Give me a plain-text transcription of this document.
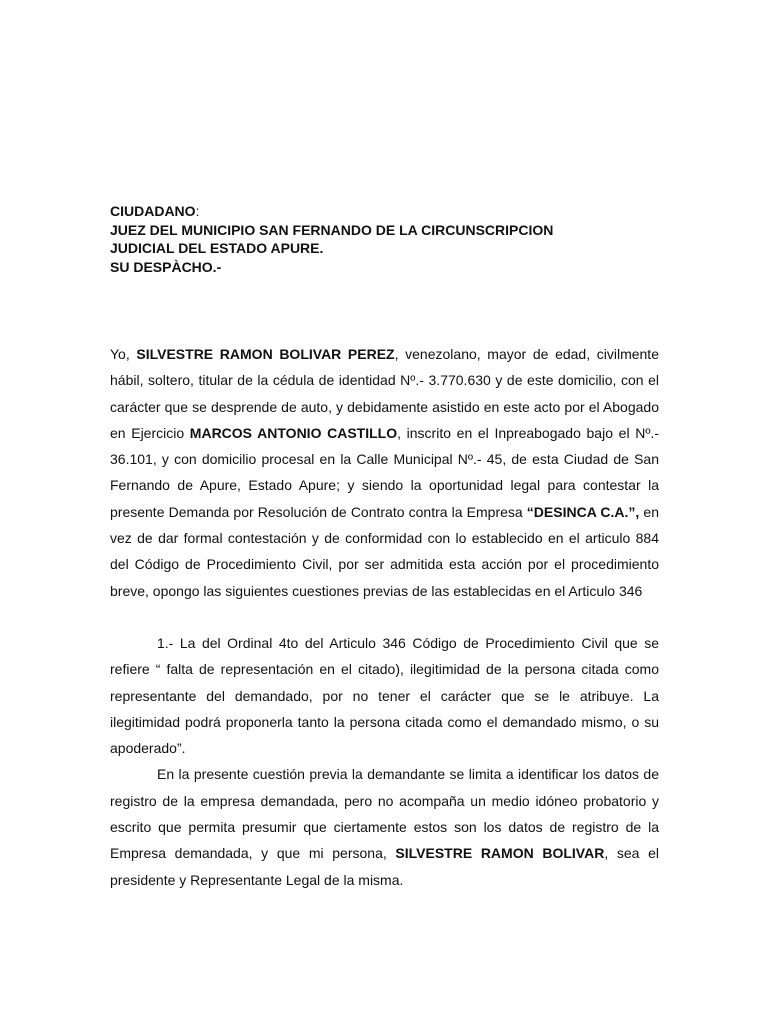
CIUDADANO:
JUEZ DEL MUNICIPIO SAN FERNANDO DE LA CIRCUNSCRIPCION
JUDICIAL DEL ESTADO APURE.
SU DESPÀCHO.-

Yo, SILVESTRE RAMON BOLIVAR PEREZ, venezolano, mayor de edad, civilmente hábil, soltero, titular de la cédula de identidad Nº.- 3.770.630 y de este domicilio, con el carácter que se desprende de auto, y debidamente asistido en este acto por el Abogado en Ejercicio MARCOS ANTONIO CASTILLO, inscrito en el Inpreabogado bajo el Nº.- 36.101, y con domicilio procesal en la Calle Municipal Nº.- 45, de esta Ciudad de San Fernando de Apure, Estado Apure; y siendo la oportunidad legal para contestar la presente Demanda por Resolución de Contrato contra la Empresa “DESINCA C.A.”, en vez de dar formal contestación y de conformidad con lo establecido en el articulo 884 del Código de Procedimiento Civil, por ser admitida esta acción por el procedimiento breve, opongo las siguientes cuestiones previas de las establecidas en el Articulo 346

1.- La del Ordinal 4to del Articulo 346 Código de Procedimiento Civil que se refiere “ falta de representación en el citado), ilegitimidad de la persona citada como representante del demandado, por no tener el carácter que se le atribuye. La ilegitimidad podrá proponerla tanto la persona citada como el demandado mismo, o su apoderado”.

En la presente cuestión previa la demandante se limita a identificar los datos de registro de la empresa demandada, pero no acompaña un medio idóneo probatorio y escrito que permita presumir que ciertamente estos son los datos de registro de la Empresa demandada, y que mi persona, SILVESTRE RAMON BOLIVAR, sea el presidente y Representante Legal de la misma.
